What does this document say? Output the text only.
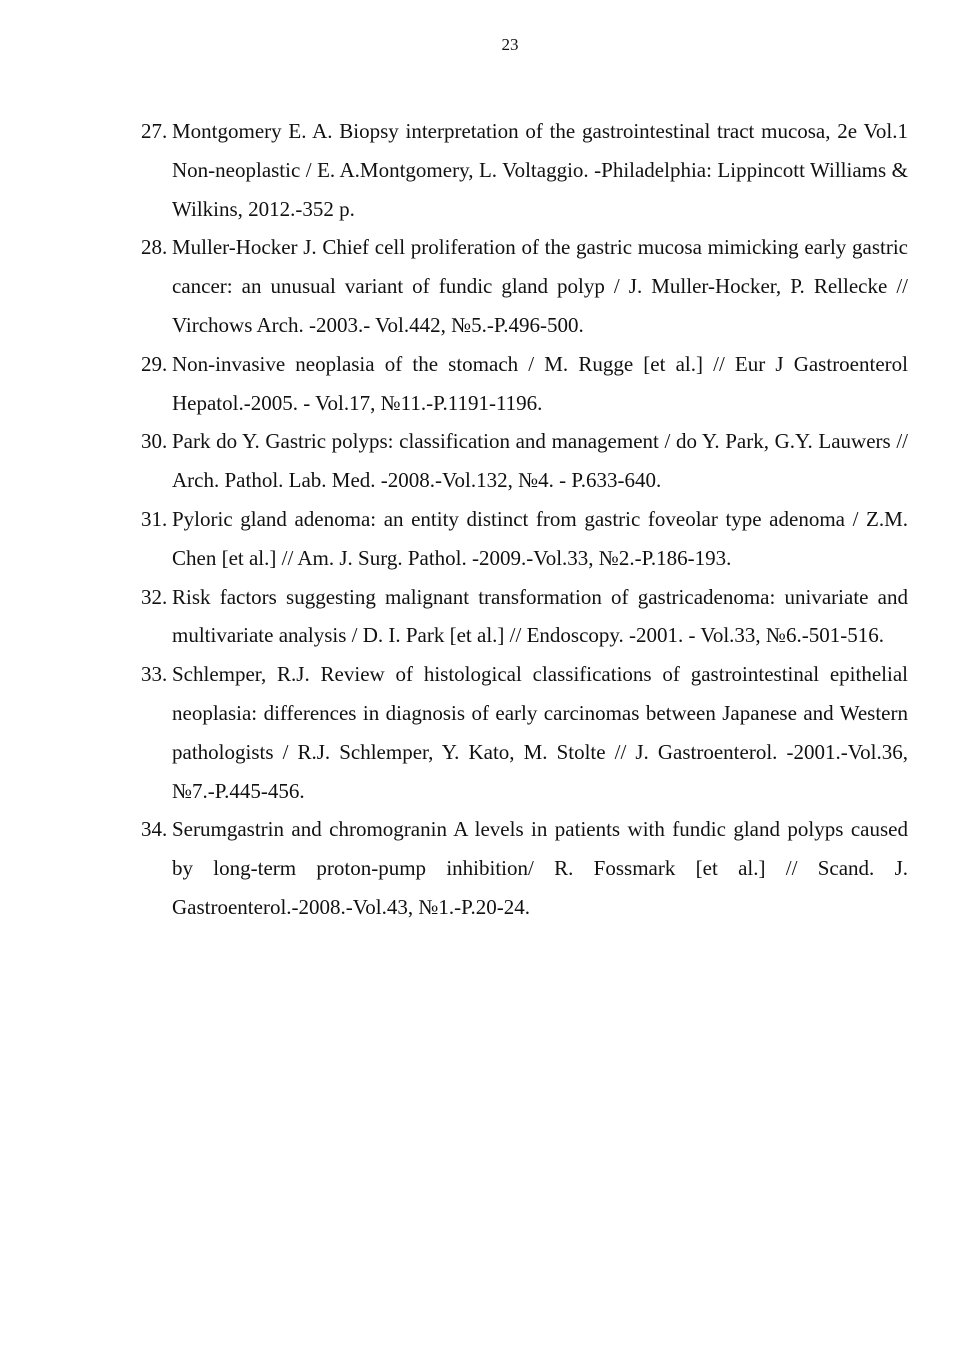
23
27. Montgomery E. A. Biopsy interpretation of the gastrointestinal tract mucosa, 2e Vol.1 Non-neoplastic / E. A.Montgomery, L. Voltaggio. -Philadelphia: Lippincott Williams & Wilkins, 2012.-352 p.
28. Muller-Hocker J. Chief cell proliferation of the gastric mucosa mimicking early gastric cancer: an unusual variant of fundic gland polyp / J. Muller-Hocker, P. Rellecke // Virchows Arch. -2003.- Vol.442, №5.-P.496-500.
29. Non-invasive neoplasia of the stomach / M. Rugge [et al.] // Eur J Gastroenterol Hepatol.-2005. - Vol.17, №11.-P.1191-1196.
30. Park do Y. Gastric polyps: classification and management / do Y. Park, G.Y. Lauwers // Arch. Pathol. Lab. Med. -2008.-Vol.132, №4. - P.633-640.
31. Pyloric gland adenoma: an entity distinct from gastric foveolar type adenoma / Z.M. Chen [et al.] // Am. J. Surg. Pathol. -2009.-Vol.33, №2.-P.186-193.
32. Risk factors suggesting malignant transformation of gastricadenoma: univariate and multivariate analysis / D. I. Park [et al.] // Endoscopy. -2001. - Vol.33, №6.-501-516.
33. Schlemper, R.J. Review of histological classifications of gastrointestinal epithelial neoplasia: differences in diagnosis of early carcinomas between Japanese and Western pathologists / R.J. Schlemper, Y. Kato, M. Stolte // J. Gastroenterol. -2001.-Vol.36, №7.-P.445-456.
34. Serumgastrin and chromogranin A levels in patients with fundic gland polyps caused by long-term proton-pump inhibition/ R. Fossmark [et al.] // Scand. J. Gastroenterol.-2008.-Vol.43, №1.-P.20-24.
